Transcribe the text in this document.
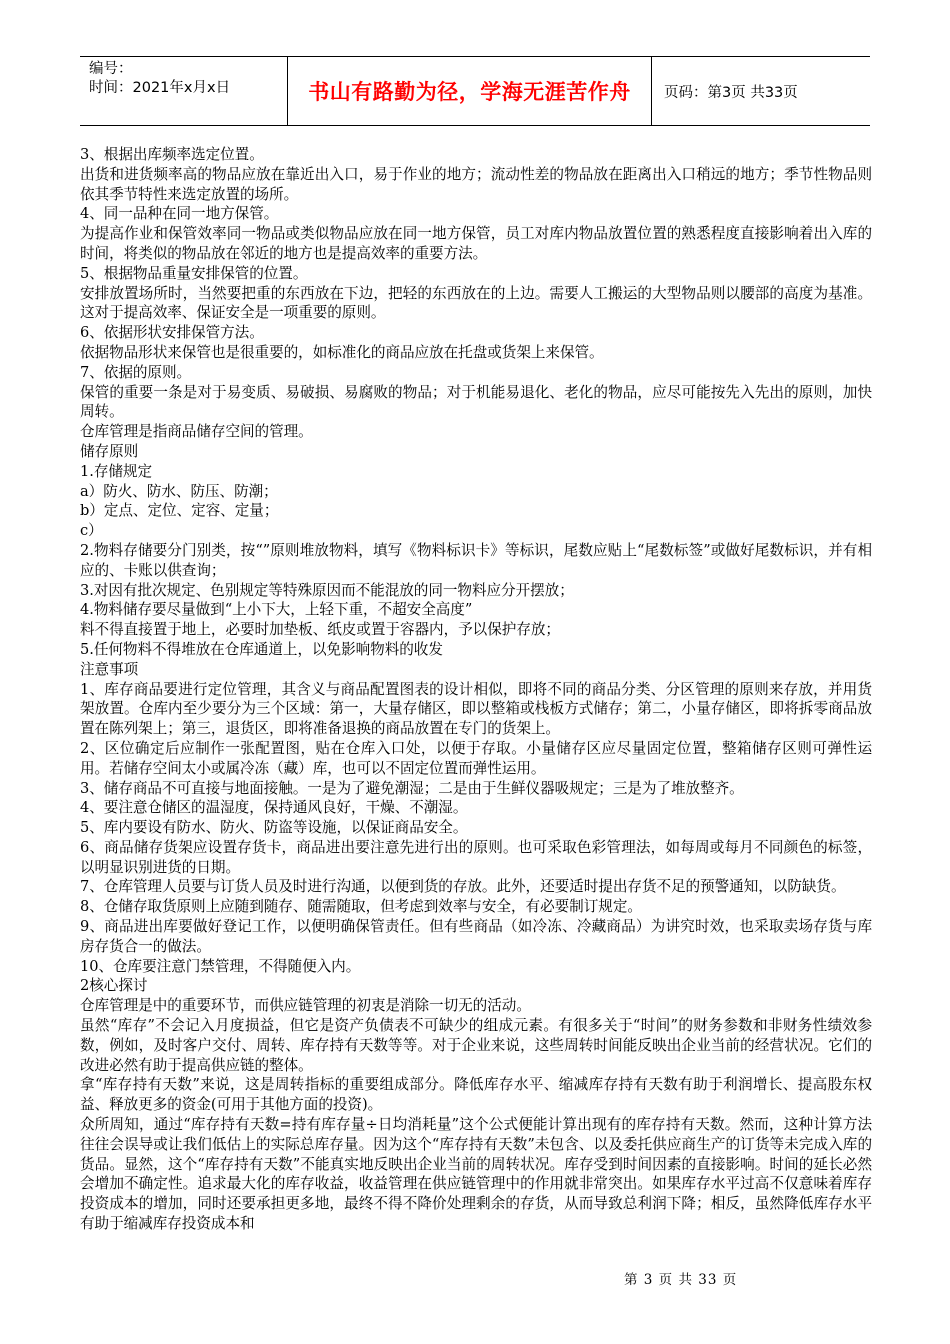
编号：
时间：2021年x月x日	书山有路勤为径，学海无涯苦作舟	页码：第3页 共33页

3、根据出库频率选定位置。

出货和进货频率高的物品应放在靠近出入口，易于作业的地方；流动性差的物品放在距离出入口稍远的地方；季节性物品则依其季节特性来选定放置的场所。

4、同一品种在同一地方保管。

为提高作业和保管效率同一物品或类似物品应放在同一地方保管，员工对库内物品放置位置的熟悉程度直接影响着出入库的时间，将类似的物品放在邻近的地方也是提高效率的重要方法。

5、根据物品重量安排保管的位置。

安排放置场所时，当然要把重的东西放在下边，把轻的东西放在的上边。需要人工搬运的大型物品则以腰部的高度为基准。这对于提高效率、保证安全是一项重要的原则。

6、依据形状安排保管方法。

依据物品形状来保管也是很重要的，如标准化的商品应放在托盘或货架上来保管。

7、依据的原则。

保管的重要一条是对于易变质、易破损、易腐败的物品；对于机能易退化、老化的物品，应尽可能按先入先出的原则，加快周转。

仓库管理是指商品储存空间的管理。

储存原则

1.存储规定

a）防火、防水、防压、防潮；

b）定点、定位、定容、定量；

c）

2.物料存储要分门别类，按“”原则堆放物料，填写《物料标识卡》等标识，尾数应贴上“尾数标签”或做好尾数标识，并有相应的、卡账以供查询；

3.对因有批次规定、色别规定等特殊原因而不能混放的同一物料应分开摆放；

4.物料储存要尽量做到“上小下大，上轻下重，不超安全高度”

料不得直接置于地上，必要时加垫板、纸皮或置于容器内，予以保护存放；

5.任何物料不得堆放在仓库通道上，以免影响物料的收发

注意事项

1、库存商品要进行定位管理，其含义与商品配置图表的设计相似，即将不同的商品分类、分区管理的原则来存放，并用货架放置。仓库内至少要分为三个区域：第一，大量存储区，即以整箱或栈板方式储存；第二，小量存储区，即将拆零商品放置在陈列架上；第三，退货区，即将准备退换的商品放置在专门的货架上。

2、区位确定后应制作一张配置图，贴在仓库入口处，以便于存取。小量储存区应尽量固定位置，整箱储存区则可弹性运用。若储存空间太小或属冷冻（藏）库，也可以不固定位置而弹性运用。

3、储存商品不可直接与地面接触。一是为了避免潮湿；二是由于生鲜仪器吸规定；三是为了堆放整齐。

4、要注意仓储区的温湿度，保持通风良好，干燥、不潮湿。

5、库内要设有防水、防火、防盗等设施，以保证商品安全。

6、商品储存货架应设置存货卡，商品进出要注意先进行出的原则。也可采取色彩管理法，如每周或每月不同颜色的标签，以明显识别进货的日期。

7、仓库管理人员要与订货人员及时进行沟通，以便到货的存放。此外，还要适时提出存货不足的预警通知，以防缺货。

8、仓储存取货原则上应随到随存、随需随取，但考虑到效率与安全，有必要制订规定。

9、商品进出库要做好登记工作，以便明确保管责任。但有些商品（如冷冻、冷藏商品）为讲究时效，也采取卖场存货与库房存货合一的做法。

10、仓库要注意门禁管理，不得随便入内。

2核心探讨

仓库管理是中的重要环节，而供应链管理的初衷是消除一切无的活动。

虽然“库存”不会记入月度损益，但它是资产负债表不可缺少的组成元素。有很多关于“时间”的财务参数和非财务性绩效参数，例如，及时客户交付、周转、库存持有天数等等。对于企业来说，这些周转时间能反映出企业当前的经营状况。它们的改进必然有助于提高供应链的整体。

拿“库存持有天数”来说，这是周转指标的重要组成部分。降低库存水平、缩减库存持有天数有助于利润增长、提高股东权益、释放更多的资金(可用于其他方面的投资)。

众所周知，通过“库存持有天数=持有库存量÷日均消耗量”这个公式便能计算出现有的库存持有天数。然而，这种计算方法往往会误导或让我们低估上的实际总库存量。因为这个“库存持有天数”未包含、以及委托供应商生产的订货等未完成入库的货品。显然，这个“库存持有天数”不能真实地反映出企业当前的周转状况。库存受到时间因素的直接影响。时间的延长必然会增加不确定性。追求最大化的库存收益，收益管理在供应链管理中的作用就非常突出。如果库存水平过高不仅意味着库存投资成本的增加，同时还要承担更多地，最终不得不降价处理剩余的存货，从而导致总利润下降；相反，虽然降低库存水平有助于缩减库存投资成本和

第 3 页 共 33 页
